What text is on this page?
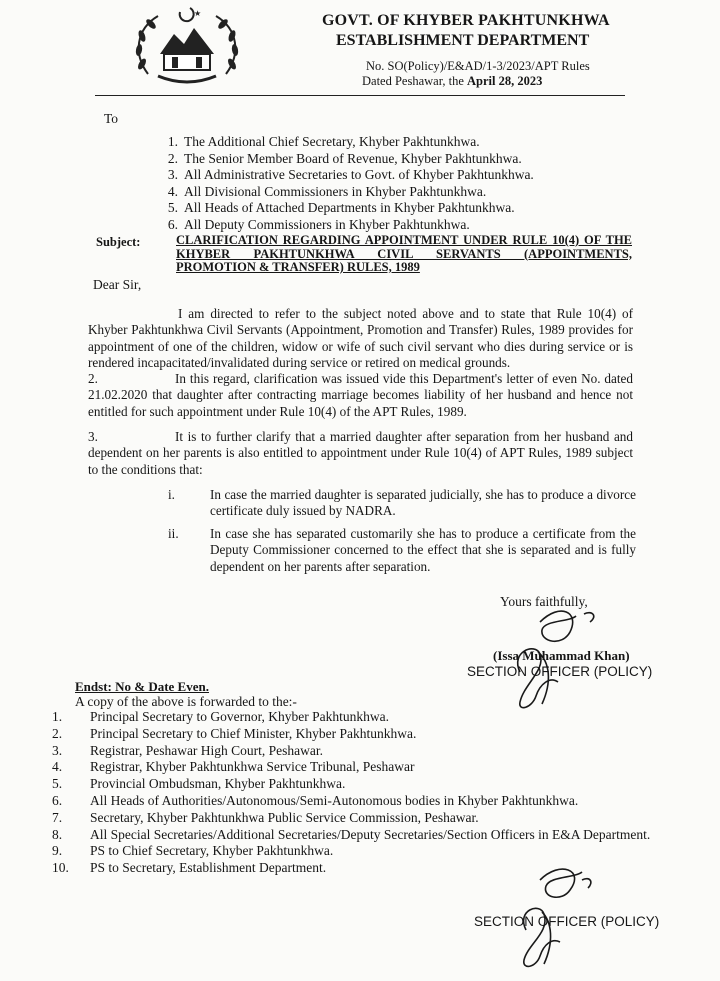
★	GOVT. OF KHYBER PAKHTUNKHWA
ESTABLISHMENT DEPARTMENT
No. SO(Policy)/E&AD/1-3/2023/APT Rules
Dated Peshawar, the April 28, 2023
To
1. The Additional Chief Secretary, Khyber Pakhtunkhwa.
2. The Senior Member Board of Revenue, Khyber Pakhtunkhwa.
3. All Administrative Secretaries to Govt. of Khyber Pakhtunkhwa.
4. All Divisional Commissioners in Khyber Pakhtunkhwa.
5. All Heads of Attached Departments in Khyber Pakhtunkhwa.
6. All Deputy Commissioners in Khyber Pakhtunkhwa.
Subject:	CLARIFICATION REGARDING APPOINTMENT UNDER RULE 10(4) OF THE KHYBER PAKHTUNKHWA CIVIL SERVANTS (APPOINTMENTS, PROMOTION & TRANSFER) RULES, 1989
Dear Sir,
I am directed to refer to the subject noted above and to state that Rule 10(4) of Khyber Pakhtunkhwa Civil Servants (Appointment, Promotion and Transfer) Rules, 1989 provides for appointment of one of the children, widow or wife of such civil servant who dies during service or is rendered incapacitated/invalidated during service or retired on medical grounds.
2.	In this regard, clarification was issued vide this Department's letter of even No. dated 21.02.2020 that daughter after contracting marriage becomes liability of her husband and hence not entitled for such appointment under Rule 10(4) of the APT Rules, 1989.
3.	It is to further clarify that a married daughter after separation from her husband and dependent on her parents is also entitled to appointment under Rule 10(4) of APT Rules, 1989 subject to the conditions that:
i.	In case the married daughter is separated judicially, she has to produce a divorce certificate duly issued by NADRA.
ii. In case she has separated customarily she has to produce a certificate from the Deputy Commissioner concerned to the effect that she is separated and is fully dependent on her parents after separation.
Yours faithfully,
(Issa Muhammad Khan)
SECTION OFFICER (POLICY)
Endst: No & Date Even.
A copy of the above is forwarded to the:-
1.	Principal Secretary to Governor, Khyber Pakhtunkhwa.
2.	Principal Secretary to Chief Minister, Khyber Pakhtunkhwa.
3.	Registrar, Peshawar High Court, Peshawar.
4.	Registrar, Khyber Pakhtunkhwa Service Tribunal, Peshawar
5.	Provincial Ombudsman, Khyber Pakhtunkhwa.
6.	All Heads of Authorities/Autonomous/Semi-Autonomous bodies in Khyber Pakhtunkhwa.
7.	Secretary, Khyber Pakhtunkhwa Public Service Commission, Peshawar.
8.	All Special Secretaries/Additional Secretaries/Deputy Secretaries/Section Officers in E&A Department.
9.	PS to Chief Secretary, Khyber Pakhtunkhwa.
10.	PS to Secretary, Establishment Department.
SECTION OFFICER (POLICY)
